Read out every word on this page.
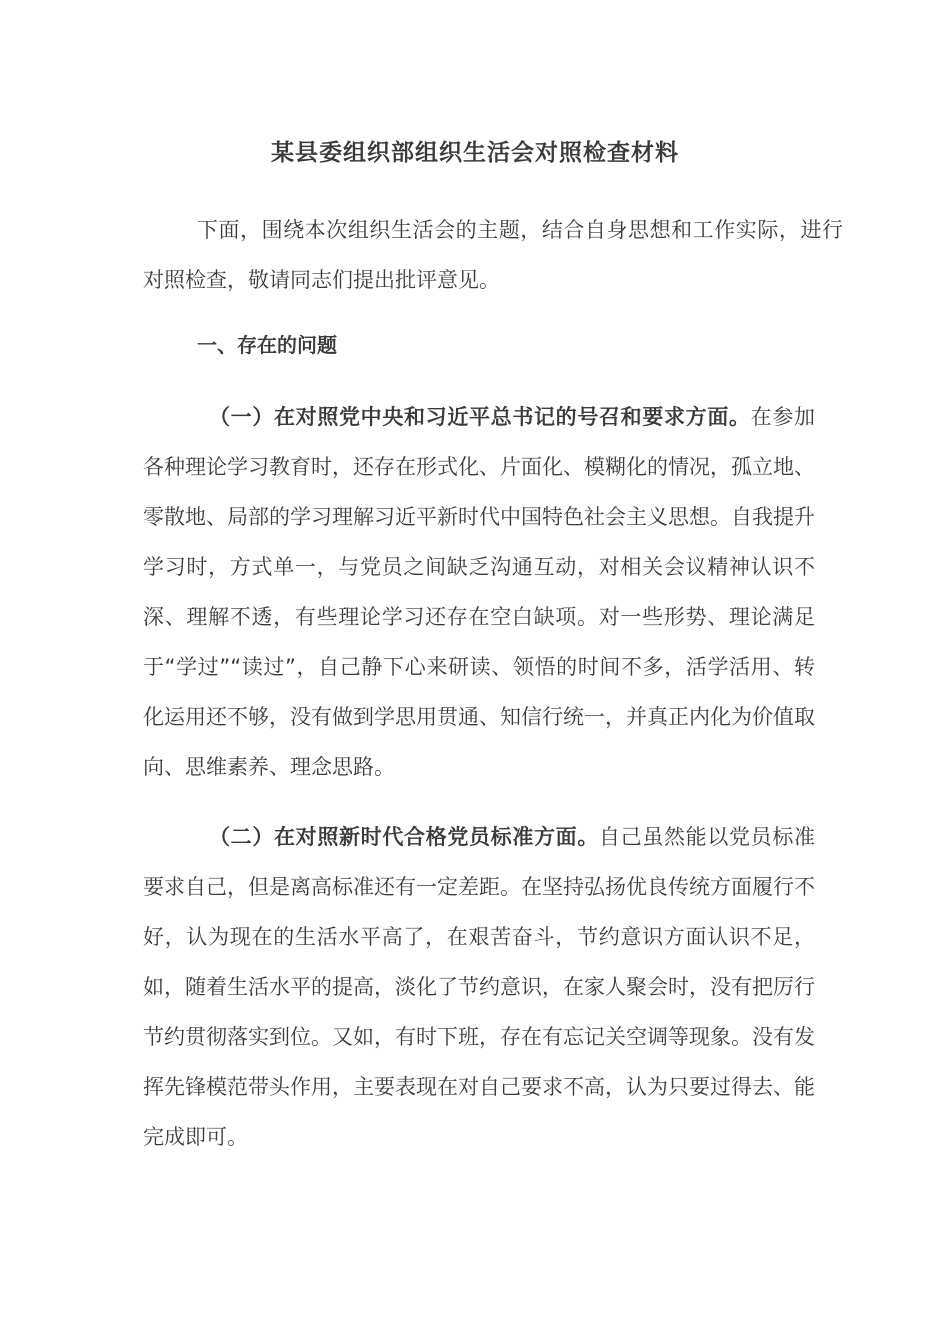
某县委组织部组织生活会对照检查材料

下面，围绕本次组织生活会的主题，结合自身思想和工作实际，进行对照检查，敬请同志们提出批评意见。

一、存在的问题

（一）在对照党中央和习近平总书记的号召和要求方面。在参加各种理论学习教育时，还存在形式化、片面化、模糊化的情况，孤立地、零散地、局部的学习理解习近平新时代中国特色社会主义思想。自我提升学习时，方式单一，与党员之间缺乏沟通互动，对相关会议精神认识不深、理解不透，有些理论学习还存在空白缺项。对一些形势、理论满足于“学过”“读过”，自己静下心来研读、领悟的时间不多，活学活用、转化运用还不够，没有做到学思用贯通、知信行统一，并真正内化为价值取向、思维素养、理念思路。

（二）在对照新时代合格党员标准方面。自己虽然能以党员标准要求自己，但是离高标准还有一定差距。在坚持弘扬优良传统方面履行不好，认为现在的生活水平高了，在艰苦奋斗，节约意识方面认识不足，如，随着生活水平的提高，淡化了节约意识，在家人聚会时，没有把厉行节约贯彻落实到位。又如，有时下班，存在有忘记关空调等现象。没有发挥先锋模范带头作用，主要表现在对自己要求不高，认为只要过得去、能完成即可。
